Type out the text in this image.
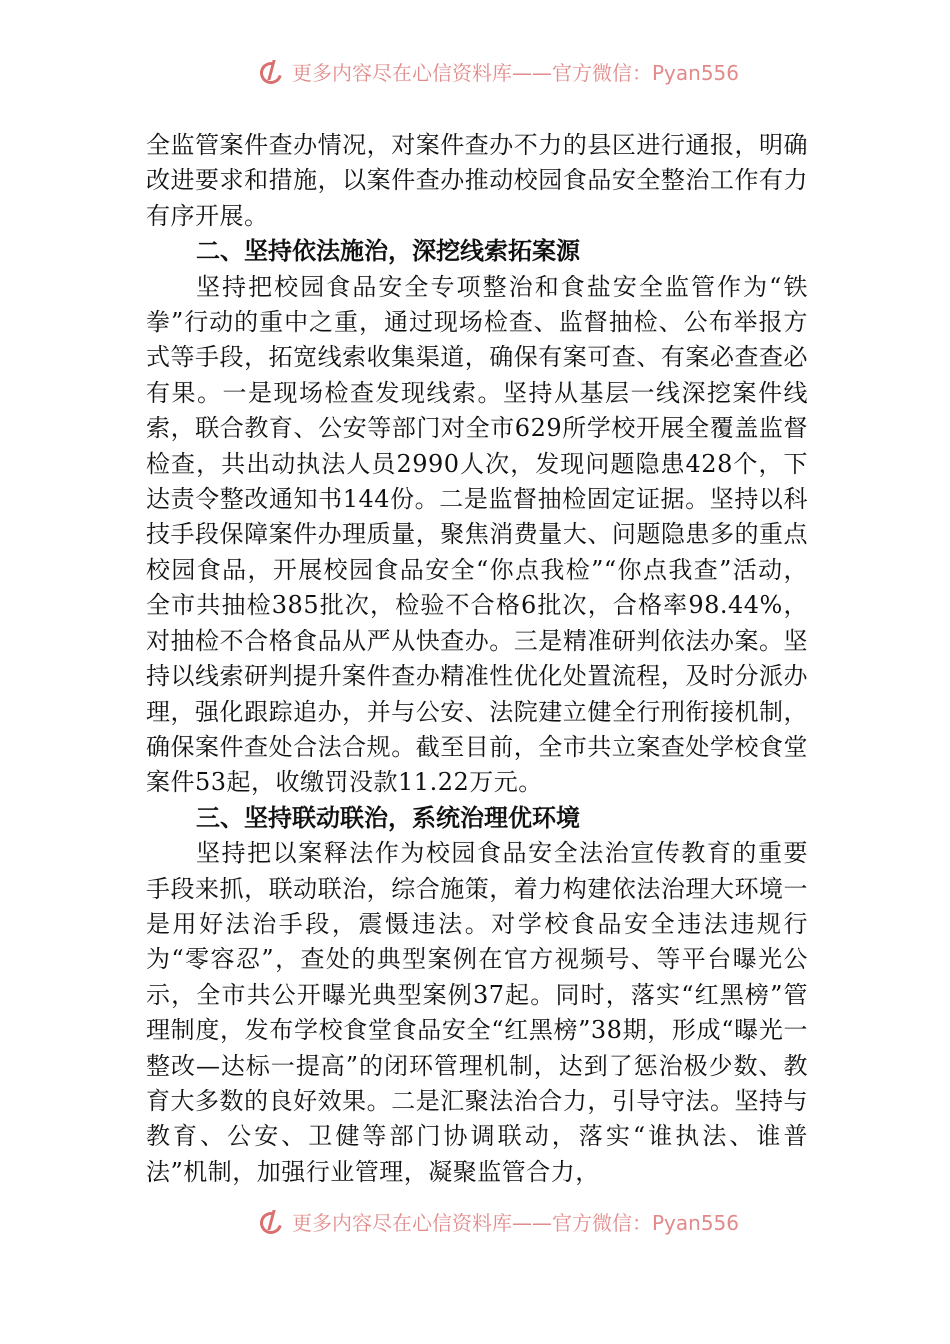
更多内容尽在心信资料库——官方微信：Pyan556

全监管案件查办情况，对案件查办不力的县区进行通报，明确改进要求和措施，以案件查办推动校园食品安全整治工作有力有序开展。

二、坚持依法施治，深挖线索拓案源

坚持把校园食品安全专项整治和食盐安全监管作为“铁拳”行动的重中之重，通过现场检查、监督抽检、公布举报方式等手段，拓宽线索收集渠道，确保有案可查、有案必查查必有果。一是现场检查发现线索。坚持从基层一线深挖案件线索，联合教育、公安等部门对全市629所学校开展全覆盖监督检查，共出动执法人员2990人次，发现问题隐患428个，下达责令整改通知书144份。二是监督抽检固定证据。坚持以科技手段保障案件办理质量，聚焦消费量大、问题隐患多的重点校园食品，开展校园食品安全“你点我检”“你点我查”活动，全市共抽检385批次，检验不合格6批次，合格率98.44%，对抽检不合格食品从严从快查办。三是精准研判依法办案。坚持以线索研判提升案件查办精准性优化处置流程，及时分派办理，强化跟踪追办，并与公安、法院建立健全行刑衔接机制，确保案件查处合法合规。截至目前，全市共立案查处学校食堂案件53起，收缴罚没款11.22万元。

三、坚持联动联治，系统治理优环境

坚持把以案释法作为校园食品安全法治宣传教育的重要手段来抓，联动联治，综合施策，着力构建依法治理大环境一是用好法治手段，震慑违法。对学校食品安全违法违规行为“零容忍”，查处的典型案例在官方视频号、等平台曝光公示，全市共公开曝光典型案例37起。同时，落实“红黑榜”管理制度，发布学校食堂食品安全“红黑榜”38期，形成“曝光一整改—达标一提高”的闭环管理机制，达到了惩治极少数、教育大多数的良好效果。二是汇聚法治合力，引导守法。坚持与教育、公安、卫健等部门协调联动，落实“谁执法、谁普法”机制，加强行业管理，凝聚监管合力，

更多内容尽在心信资料库——官方微信：Pyan556
